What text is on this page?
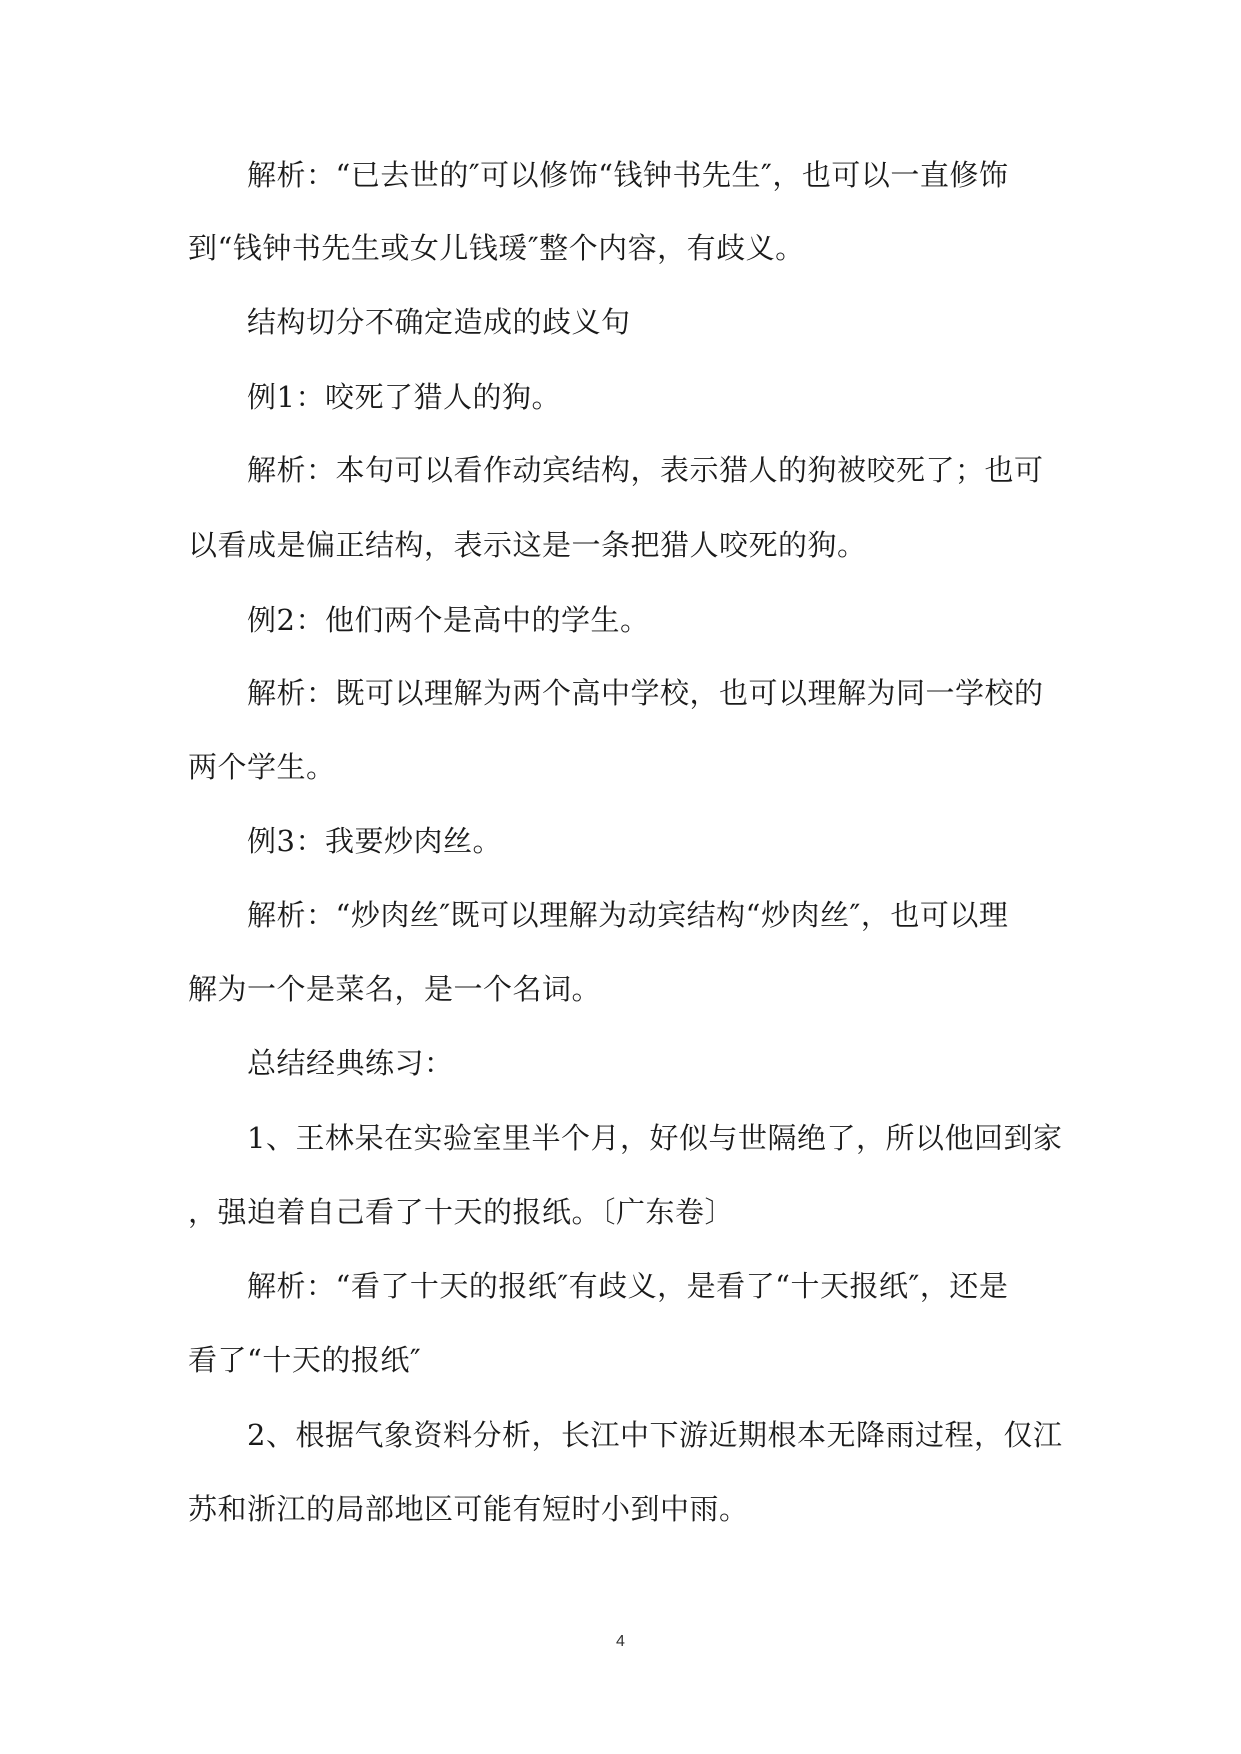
解析：“已去世的″可以修饰“钱钟书先生″，也可以一直修饰
到“钱钟书先生或女儿钱瑗″整个内容，有歧义。
结构切分不确定造成的歧义句
例1：咬死了猎人的狗。
解析：本句可以看作动宾结构，表示猎人的狗被咬死了；也可
以看成是偏正结构，表示这是一条把猎人咬死的狗。
例2：他们两个是高中的学生。
解析：既可以理解为两个高中学校，也可以理解为同一学校的
两个学生。
例3：我要炒肉丝。
解析：“炒肉丝″既可以理解为动宾结构“炒肉丝″，也可以理
解为一个是菜名，是一个名词。
总结经典练习：
1、王林呆在实验室里半个月，好似与世隔绝了，所以他回到家
，强迫着自己看了十天的报纸。〔广东卷〕
解析：“看了十天的报纸″有歧义，是看了“十天报纸″，还是
看了“十天的报纸″
2、根据气象资料分析，长江中下游近期根本无降雨过程，仅江
苏和浙江的局部地区可能有短时小到中雨。
4
